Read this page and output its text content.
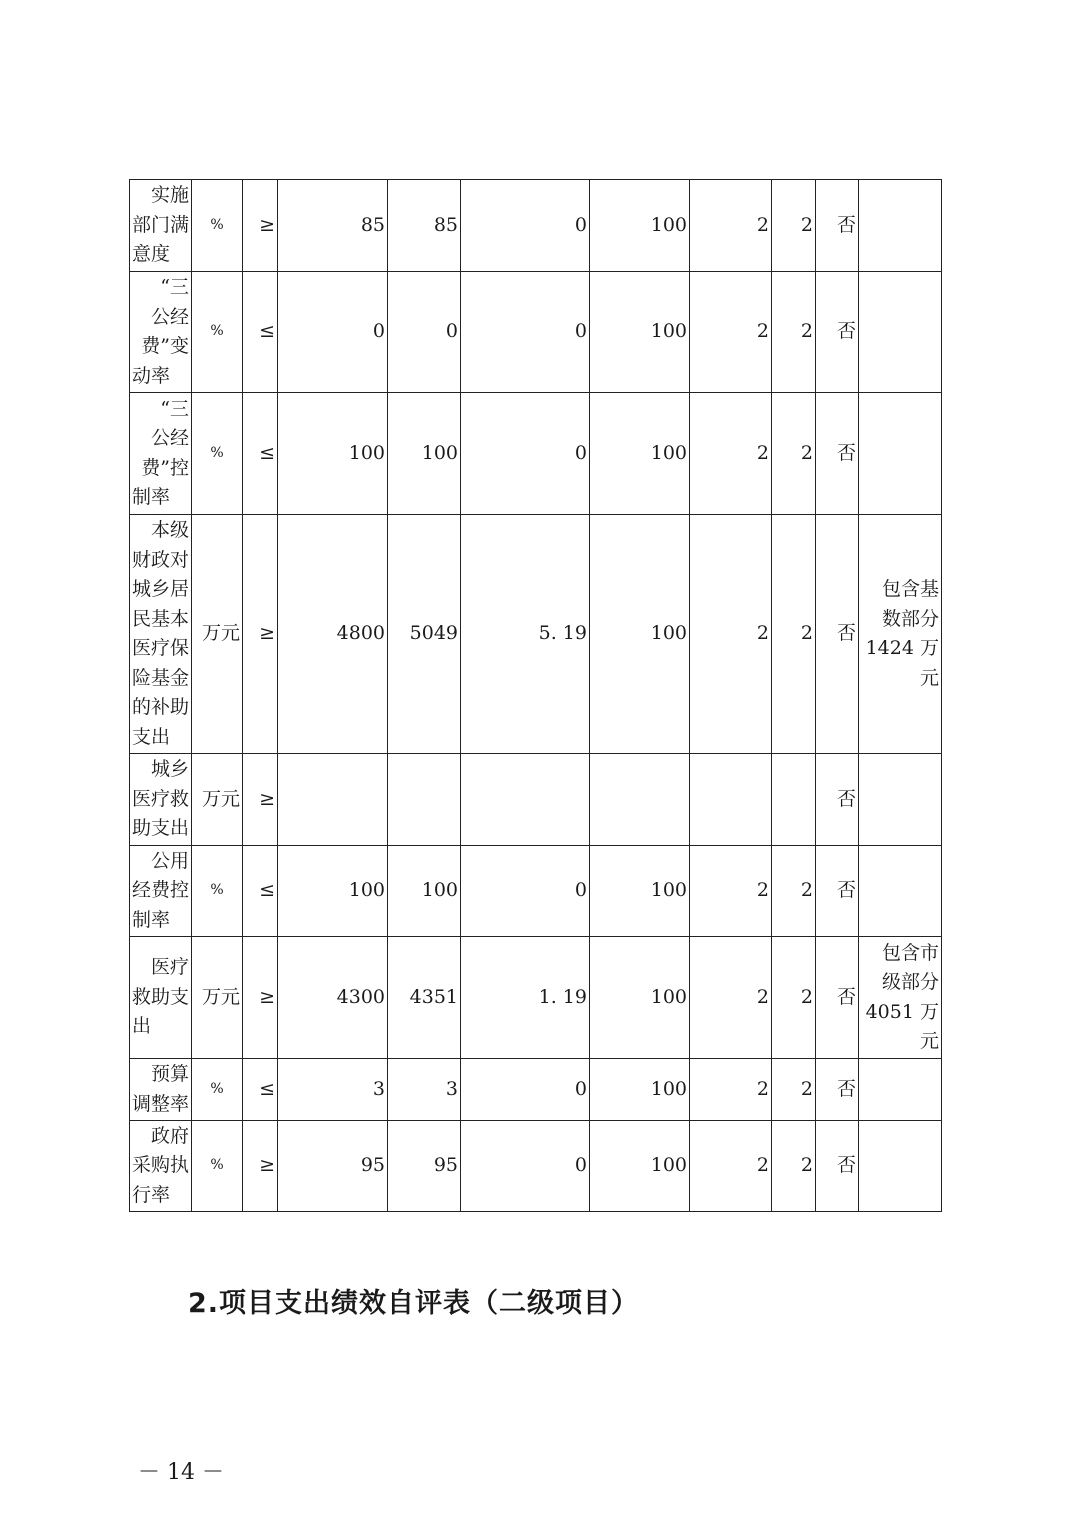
实施部门满意度	%	≥	85	85	0	100	2	2	否	
“三公经费”变动率	%	≤	0	0	0	100	2	2	否	
“三公经费”控制率	%	≤	100	100	0	100	2	2	否	
本级财政对城乡居民基本医疗保险基金的补助支出	万元	≥	4800	5049	5. 19	100	2	2	否	包含基数部分 1424 万元
城乡医疗救助支出	万元	≥							否	
公用经费控制率	%	≤	100	100	0	100	2	2	否	
医疗救助支出	万元	≥	4300	4351	1. 19	100	2	2	否	包含市级部分 4051 万元
预算调整率	%	≤	3	3	0	100	2	2	否	
政府采购执行率	%	≥	95	95	0	100	2	2	否	
2.项目支出绩效自评表（二级项目）
－ 14 －
